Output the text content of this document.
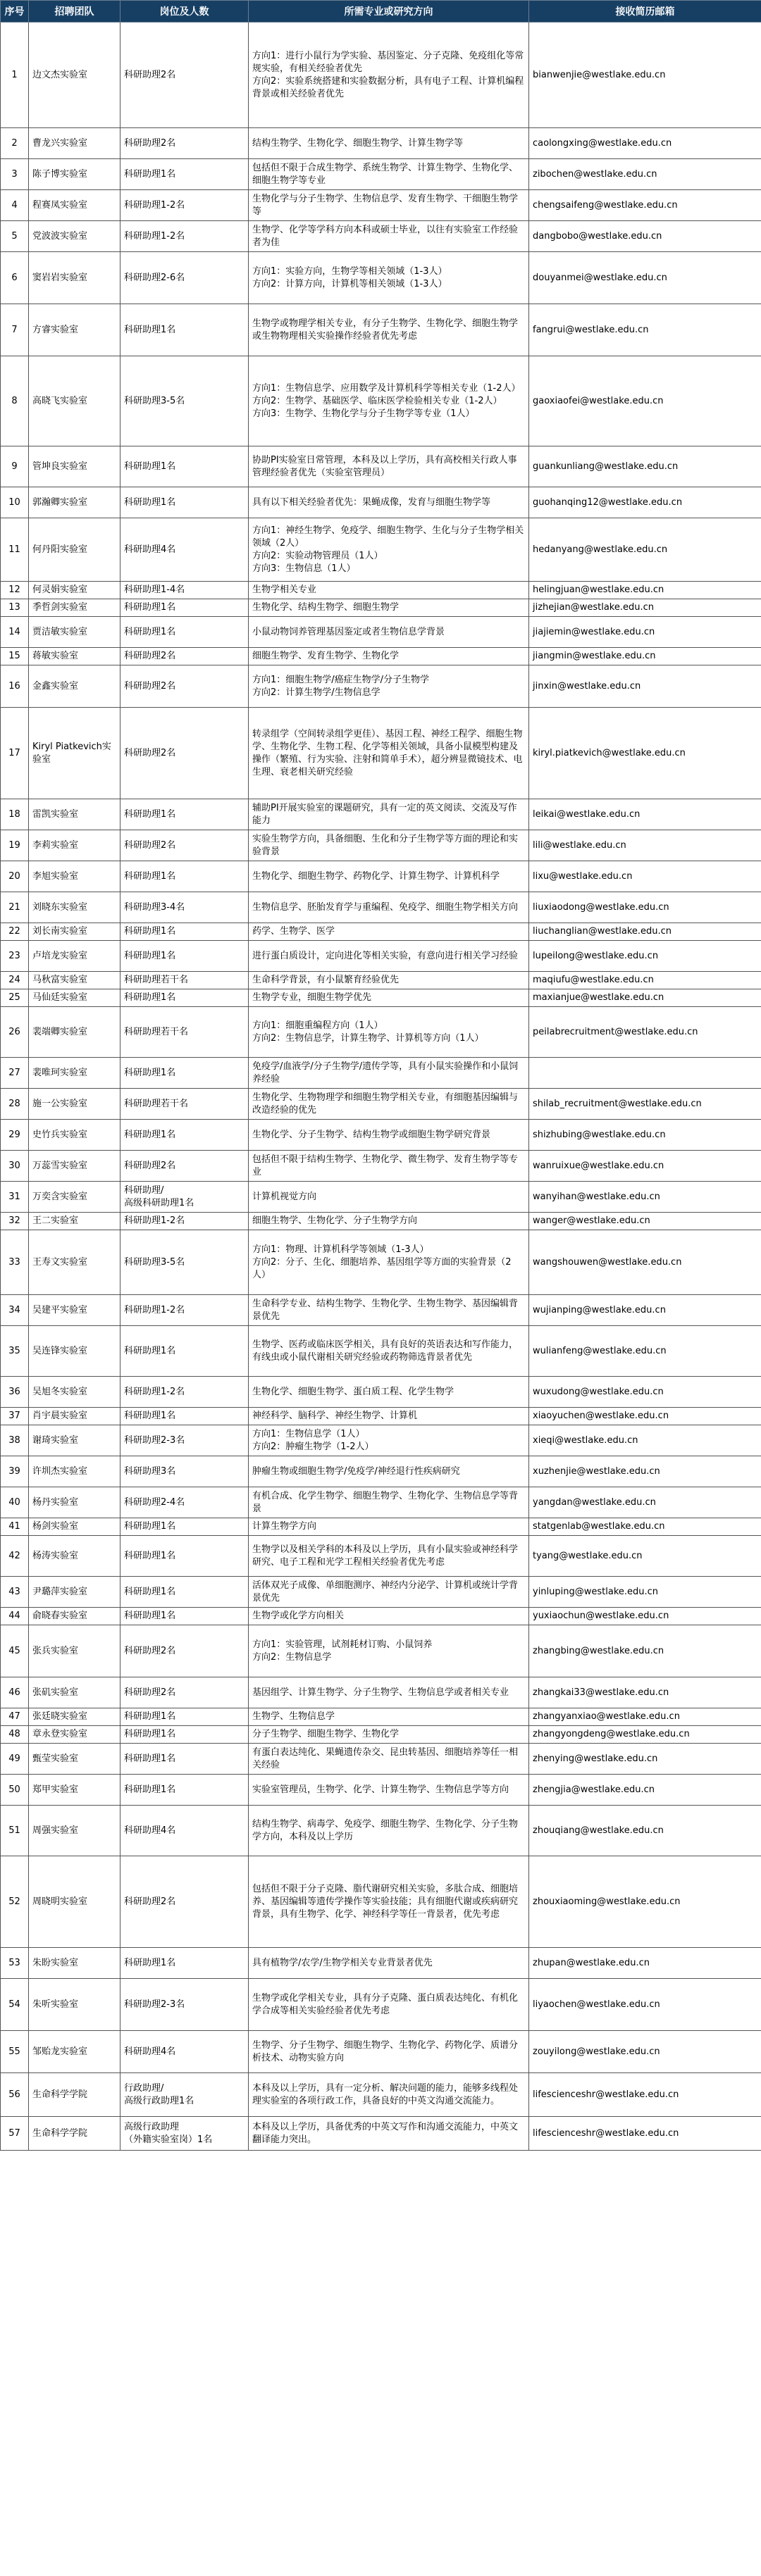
序号	招聘团队	岗位及人数	所需专业或研究方向	接收简历邮箱
1	边文杰实验室	科研助理2名	方向1：进行小鼠行为学实验、基因鉴定、分子克隆、免疫组化等常规实验，有相关经验者优先
方向2：实验系统搭建和实验数据分析，具有电子工程、计算机编程背景或相关经验者优先	bianwenjie@westlake.edu.cn
2	曹龙兴实验室	科研助理2名	结构生物学、生物化学、细胞生物学、计算生物学等	caolongxing@westlake.edu.cn
3	陈子博实验室	科研助理1名	包括但不限于合成生物学、系统生物学、计算生物学、生物化学、细胞生物学等专业	zibochen@westlake.edu.cn
4	程赛凤实验室	科研助理1-2名	生物化学与分子生物学、生物信息学、发育生物学、干细胞生物学等	chengsaifeng@westlake.edu.cn
5	党波波实验室	科研助理1-2名	生物学、化学等学科方向本科或硕士毕业，以往有实验室工作经验者为佳	dangbobo@westlake.edu.cn
6	窦岩岩实验室	科研助理2-6名	方向1：实验方向，生物学等相关领域（1-3人）
方向2：计算方向，计算机等相关领域（1-3人）	douyanmei@westlake.edu.cn
7	方睿实验室	科研助理1名	生物学或物理学相关专业，有分子生物学、生物化学、细胞生物学或生物物理相关实验操作经验者优先考虑	fangrui@westlake.edu.cn
8	高晓飞实验室	科研助理3-5名	方向1：生物信息学、应用数学及计算机科学等相关专业（1-2人）
方向2：生物学、基础医学、临床医学检验相关专业（1-2人）
方向3：生物学、生物化学与分子生物学等专业（1人）	gaoxiaofei@westlake.edu.cn
9	管坤良实验室	科研助理1名	协助PI实验室日常管理，本科及以上学历，具有高校相关行政人事管理经验者优先（实验室管理员）	guankunliang@westlake.edu.cn
10	郭瀚卿实验室	科研助理1名	具有以下相关经验者优先：果蝇成像，发育与细胞生物学等	guohanqing12@westlake.edu.cn
11	何丹阳实验室	科研助理4名	方向1：神经生物学、免疫学、细胞生物学、生化与分子生物学相关领域（2人）
方向2：实验动物管理员（1人）
方向3：生物信息（1人）	hedanyang@westlake.edu.cn
12	何灵娟实验室	科研助理1-4名	生物学相关专业	helingjuan@westlake.edu.cn
13	季哲剑实验室	科研助理1名	生物化学、结构生物学、细胞生物学	jizhejian@westlake.edu.cn
14	贾洁敏实验室	科研助理1名	小鼠动物饲养管理基因鉴定或者生物信息学背景	jiajiemin@westlake.edu.cn
15	蒋敏实验室	科研助理2名	细胞生物学、发育生物学、生物化学	jiangmin@westlake.edu.cn
16	金鑫实验室	科研助理2名	方向1：细胞生物学/癌症生物学/分子生物学
方向2：计算生物学/生物信息学	jinxin@westlake.edu.cn
17	Kiryl Piatkevich实验室	科研助理2名	转录组学（空间转录组学更佳）、基因工程、神经工程学、细胞生物学、生物化学、生物工程、化学等相关领域，具备小鼠模型构建及操作（繁殖、行为实验、注射和简单手术），超分辨显微镜技术、电生理、衰老相关研究经验	kiryl.piatkevich@westlake.edu.cn
18	雷凯实验室	科研助理1名	辅助PI开展实验室的课题研究，具有一定的英文阅读、交流及写作能力	leikai@westlake.edu.cn
19	李莉实验室	科研助理2名	实验生物学方向，具备细胞、生化和分子生物学等方面的理论和实验背景	lili@westlake.edu.cn
20	李旭实验室	科研助理1名	生物化学、细胞生物学、药物化学、计算生物学、计算机科学	lixu@westlake.edu.cn
21	刘晓东实验室	科研助理3-4名	生物信息学、胚胎发育学与重编程、免疫学、细胞生物学相关方向	liuxiaodong@westlake.edu.cn
22	刘长南实验室	科研助理1名	药学、生物学、医学	liuchanglian@westlake.edu.cn
23	卢培龙实验室	科研助理1名	进行蛋白质设计，定向进化等相关实验，有意向进行相关学习经验	lupeilong@westlake.edu.cn
24	马秋富实验室	科研助理若干名	生命科学背景，有小鼠繁育经验优先	maqiufu@westlake.edu.cn
25	马仙廷实验室	科研助理1名	生物学专业，细胞生物学优先	maxianjue@westlake.edu.cn
26	裴端卿实验室	科研助理若干名	方向1：细胞重编程方向（1人）
方向2：生物信息学，计算生物学、计算机等方向（1人）	peilabrecruitment@westlake.edu.cn
27	裴唯珂实验室	科研助理1名	免疫学/血液学/分子生物学/遗传学等，具有小鼠实验操作和小鼠饲养经验	
28	施一公实验室	科研助理若干名	生物化学、生物物理学和细胞生物学相关专业，有细胞基因编辑与改造经验的优先	shilab_recruitment@westlake.edu.cn
29	史竹兵实验室	科研助理1名	生物化学、分子生物学、结构生物学或细胞生物学研究背景	shizhubing@westlake.edu.cn
30	万蕊雪实验室	科研助理2名	包括但不限于结构生物学、生物化学、微生物学、发育生物学等专业	wanruixue@westlake.edu.cn
31	万奕含实验室	科研助理/
高级科研助理1名	计算机视觉方向	wanyihan@westlake.edu.cn
32	王二实验室	科研助理1-2名	细胞生物学、生物化学、分子生物学方向	wanger@westlake.edu.cn
33	王寿文实验室	科研助理3-5名	方向1：物理、计算机科学等领域（1-3人）
方向2：分子、生化、细胞培养、基因组学等方面的实验背景（2人）	wangshouwen@westlake.edu.cn
34	吴建平实验室	科研助理1-2名	生命科学专业、结构生物学、生物化学、生物生物学、基因编辑背景优先	wujianping@westlake.edu.cn
35	吴连锋实验室	科研助理1名	生物学、医药或临床医学相关，具有良好的英语表达和写作能力，有线虫或小鼠代谢相关研究经验或药物筛选背景者优先	wulianfeng@westlake.edu.cn
36	吴旭冬实验室	科研助理1-2名	生物化学、细胞生物学、蛋白质工程、化学生物学	wuxudong@westlake.edu.cn
37	肖宇晨实验室	科研助理1名	神经科学、脑科学、神经生物学、计算机	xiaoyuchen@westlake.edu.cn
38	谢琦实验室	科研助理2-3名	方向1：生物信息学（1人）
方向2：肿瘤生物学（1-2人）	xieqi@westlake.edu.cn
39	许圳杰实验室	科研助理3名	肿瘤生物或细胞生物学/免疫学/神经退行性疾病研究	xuzhenjie@westlake.edu.cn
40	杨丹实验室	科研助理2-4名	有机合成、化学生物学、细胞生物学、生物化学、生物信息学等背景	yangdan@westlake.edu.cn
41	杨剑实验室	科研助理1名	计算生物学方向	statgenlab@westlake.edu.cn
42	杨涛实验室	科研助理1名	生物学以及相关学科的本科及以上学历，具有小鼠实验或神经科学研究、电子工程和光学工程相关经验者优先考虑	tyang@westlake.edu.cn
43	尹璐萍实验室	科研助理1名	活体双光子成像、单细胞测序、神经内分泌学、计算机或统计学背景优先	yinluping@westlake.edu.cn
44	俞晓春实验室	科研助理1名	生物学或化学方向相关	yuxiaochun@westlake.edu.cn
45	张兵实验室	科研助理2名	方向1：实验管理，试剂耗材订购、小鼠饲养
方向2：生物信息学	zhangbing@westlake.edu.cn
46	张矶实验室	科研助理2名	基因组学、计算生物学、分子生物学、生物信息学或者相关专业	zhangkai33@westlake.edu.cn
47	张廷晓实验室	科研助理1名	生物学、生物信息学	zhangyanxiao@westlake.edu.cn
48	章永登实验室	科研助理1名	分子生物学、细胞生物学、生物化学	zhangyongdeng@westlake.edu.cn
49	甄莹实验室	科研助理1名	有蛋白表达纯化、果蝇遗传杂交、昆虫转基因、细胞培养等任一相关经验	zhenying@westlake.edu.cn
50	郑甲实验室	科研助理1名	实验室管理员，生物学、化学、计算生物学、生物信息学等方向	zhengjia@westlake.edu.cn
51	周强实验室	科研助理4名	结构生物学、病毒学、免疫学、细胞生物学、生物化学、分子生物学方向，本科及以上学历	zhouqiang@westlake.edu.cn
52	周晓明实验室	科研助理2名	包括但不限于分子克隆、脂代谢研究相关实验，多肽合成、细胞培养、基因编辑等遗传学操作等实验技能；具有细胞代谢或疾病研究背景，具有生物学、化学、神经科学等任一背景者，优先考虑	zhouxiaoming@westlake.edu.cn
53	朱盼实验室	科研助理1名	具有植物学/农学/生物学相关专业背景者优先	zhupan@westlake.edu.cn
54	朱听实验室	科研助理2-3名	生物学或化学相关专业，具有分子克隆、蛋白质表达纯化、有机化学合成等相关实验经验者优先考虑	liyaochen@westlake.edu.cn
55	邹贻龙实验室	科研助理4名	生物学、分子生物学、细胞生物学、生物化学、药物化学、质谱分析技术、动物实验方向	zouyilong@westlake.edu.cn
56	生命科学学院	行政助理/
高级行政助理1名	本科及以上学历，具有一定分析、解决问题的能力，能够多线程处理实验室的各项行政工作，具备良好的中英文沟通交流能力。	lifescienceshr@westlake.edu.cn
57	生命科学学院	高级行政助理
（外籍实验室岗）1名	本科及以上学历，具备优秀的中英文写作和沟通交流能力，中英文翻译能力突出。	lifescienceshr@westlake.edu.cn
